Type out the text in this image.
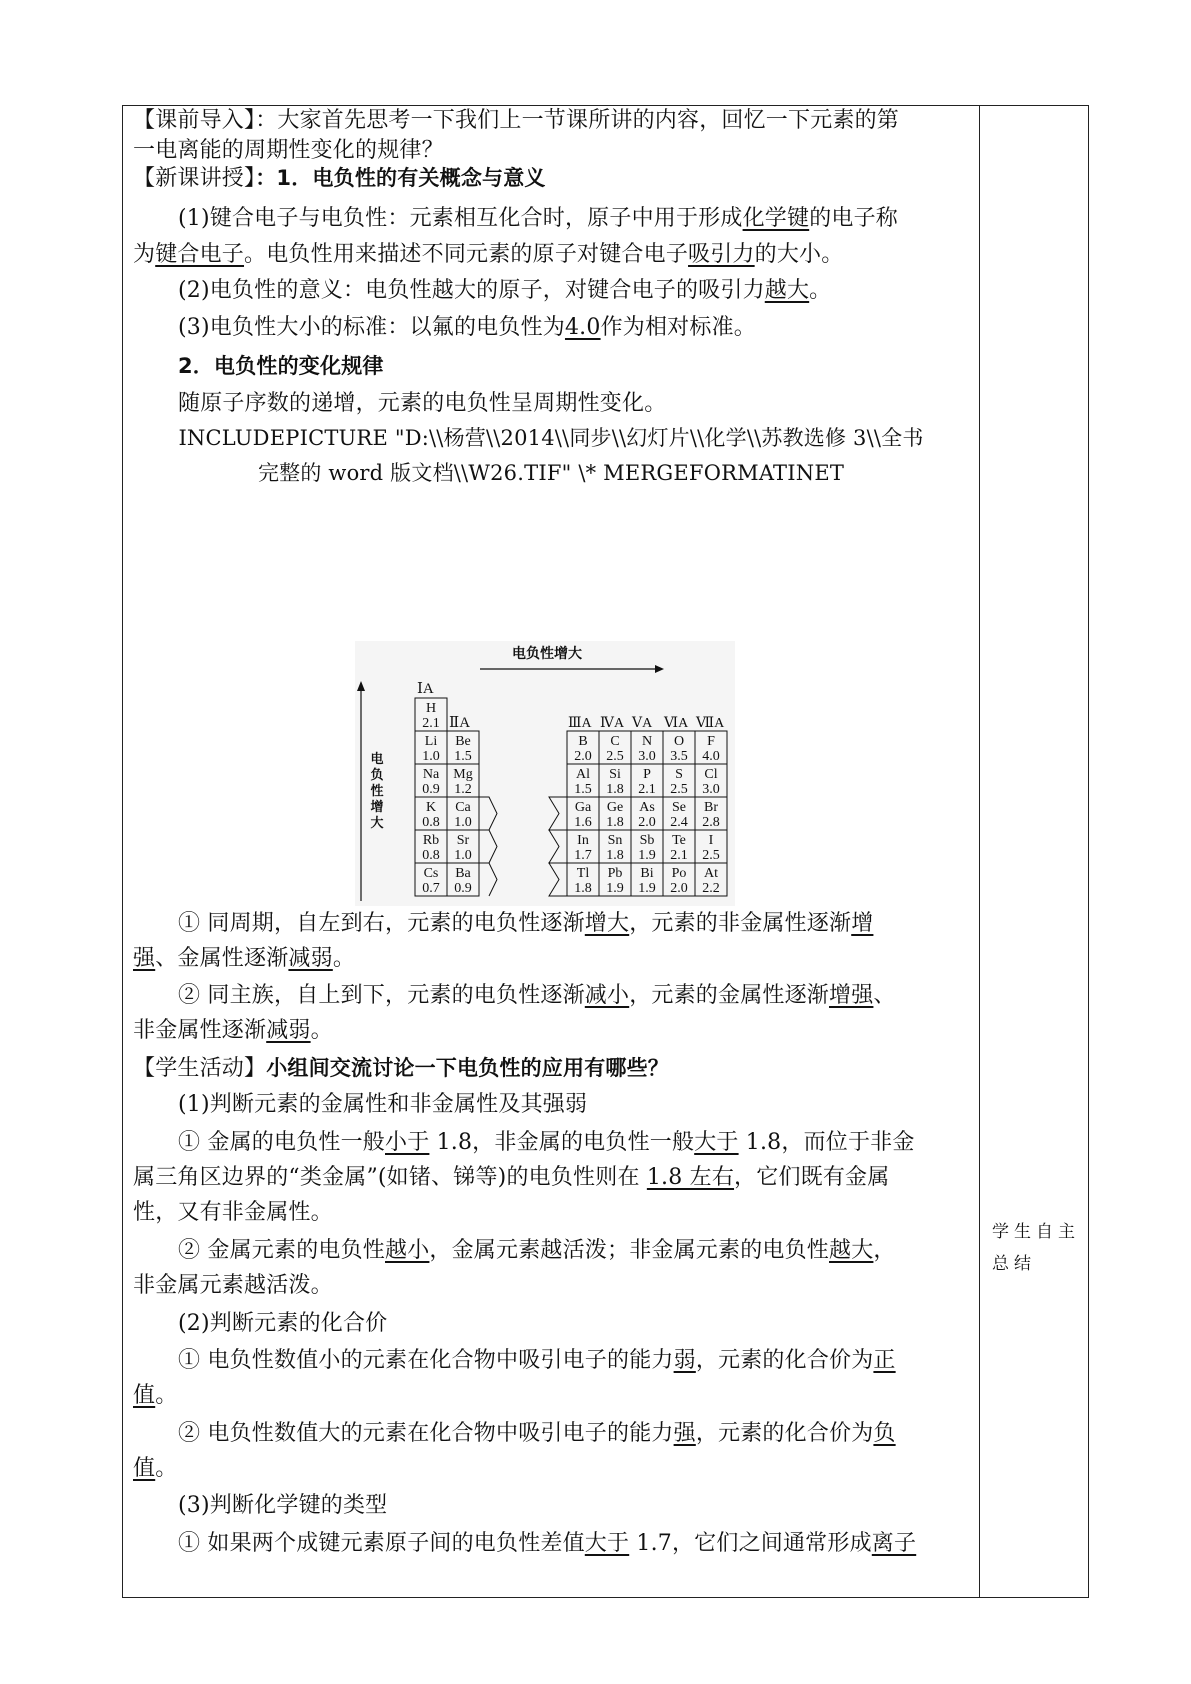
【课前导入】：大家首先思考一下我们上一节课所讲的内容，回忆一下元素的第
一电离能的周期性变化的规律？
【新课讲授】：1．电负性的有关概念与意义
(1)键合电子与电负性：元素相互化合时，原子中用于形成化学键的电子称
为键合电子。电负性用来描述不同元素的原子对键合电子吸引力的大小。
(2)电负性的意义：电负性越大的原子，对键合电子的吸引力越大。
(3)电负性大小的标准：以氟的电负性为4.0作为相对标准。
2．电负性的变化规律
随原子序数的递增，元素的电负性呈周期性变化。
INCLUDEPICTURE "D:\\杨营\\2014\\同步\\幻灯片\\化学\\苏教选修 3\\全书
完整的 word 版文档\\W26.TIF" \* MERGEFORMATINET
电负性增大
电
负
性
增
大
ⅠA
ⅡA	ⅢA ⅣA ⅤA ⅥA ⅦA
H
2.1
Li
1.0
Be
1.5
Na
0.9
Mg
1.2
K
0.8
Ca
1.0
Rb
0.8
Sr
1.0
Cs
0.7
Ba
0.9
B
2.0
C
2.5
N
3.0
O
3.5
F
4.0
Al
1.5
Si
1.8
P
2.1
S
2.5
Cl
3.0
Ga
1.6
Ge
1.8
As
2.0
Se
2.4
Br
2.8
In
1.7
Sn
1.8
Sb
1.9
Te
2.1
I
2.5
Tl
1.8
Pb
1.9
Bi
1.9
Po
2.0
At
2.2
① 同周期，自左到右，元素的电负性逐渐增大，元素的非金属性逐渐增
强、金属性逐渐减弱。
② 同主族，自上到下，元素的电负性逐渐减小，元素的金属性逐渐增强、
非金属性逐渐减弱。
【学生活动】小组间交流讨论一下电负性的应用有哪些？
(1)判断元素的金属性和非金属性及其强弱
① 金属的电负性一般小于 1.8，非金属的电负性一般大于 1.8，而位于非金
属三角区边界的“类金属”(如锗、锑等)的电负性则在 1.8 左右，它们既有金属
性，又有非金属性。
② 金属元素的电负性越小，金属元素越活泼；非金属元素的电负性越大，
非金属元素越活泼。
(2)判断元素的化合价
① 电负性数值小的元素在化合物中吸引电子的能力弱，元素的化合价为正
值。
② 电负性数值大的元素在化合物中吸引电子的能力强，元素的化合价为负
值。
(3)判断化学键的类型
① 如果两个成键元素原子间的电负性差值大于 1.7，它们之间通常形成离子
学生自主
总结
